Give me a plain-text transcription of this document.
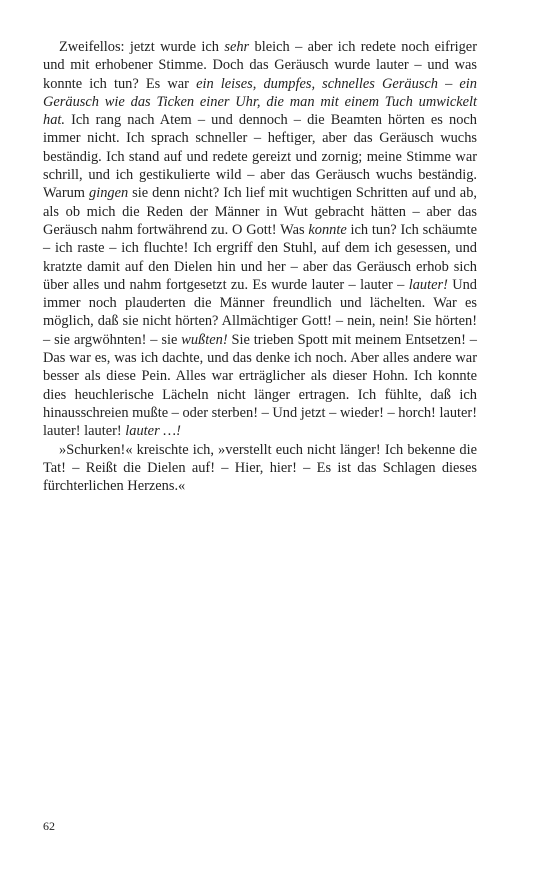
Zweifellos: jetzt wurde ich sehr bleich – aber ich redete noch eifriger und mit erhobener Stimme. Doch das Geräusch wurde lauter – und was konnte ich tun? Es war ein leises, dumpfes, schnelles Geräusch – ein Geräusch wie das Ticken einer Uhr, die man mit einem Tuch umwickelt hat. Ich rang nach Atem – und dennoch – die Beamten hörten es noch immer nicht. Ich sprach schneller – heftiger, aber das Geräusch wuchs beständig. Ich stand auf und redete gereizt und zornig; meine Stimme war schrill, und ich gestikulierte wild – aber das Geräusch wuchs beständig. Warum gingen sie denn nicht? Ich lief mit wuchtigen Schritten auf und ab, als ob mich die Reden der Männer in Wut gebracht hätten – aber das Geräusch nahm fortwährend zu. O Gott! Was konnte ich tun? Ich schäumte – ich raste – ich fluchte! Ich ergriff den Stuhl, auf dem ich gesessen, und kratzte damit auf den Dielen hin und her – aber das Geräusch erhob sich über alles und nahm fortgesetzt zu. Es wurde lauter – lauter – lauter! Und immer noch plauderten die Männer freundlich und lächelten. War es möglich, daß sie nicht hörten? Allmächtiger Gott! – nein, nein! Sie hörten! – sie argwöhnten! – sie wußten! Sie trieben Spott mit meinem Entsetzen! – Das war es, was ich dachte, und das denke ich noch. Aber alles andere war besser als diese Pein. Alles war erträglicher als dieser Hohn. Ich konnte dies heuchlerische Lächeln nicht länger ertragen. Ich fühlte, daß ich hinausschreien mußte – oder sterben! – Und jetzt – wieder! – horch! lauter! lauter! lauter! lauter …!

»Schurken!« kreischte ich, »verstellt euch nicht länger! Ich bekenne die Tat! – Reißt die Dielen auf! – Hier, hier! – Es ist das Schlagen dieses fürchterlichen Herzens.«

62
